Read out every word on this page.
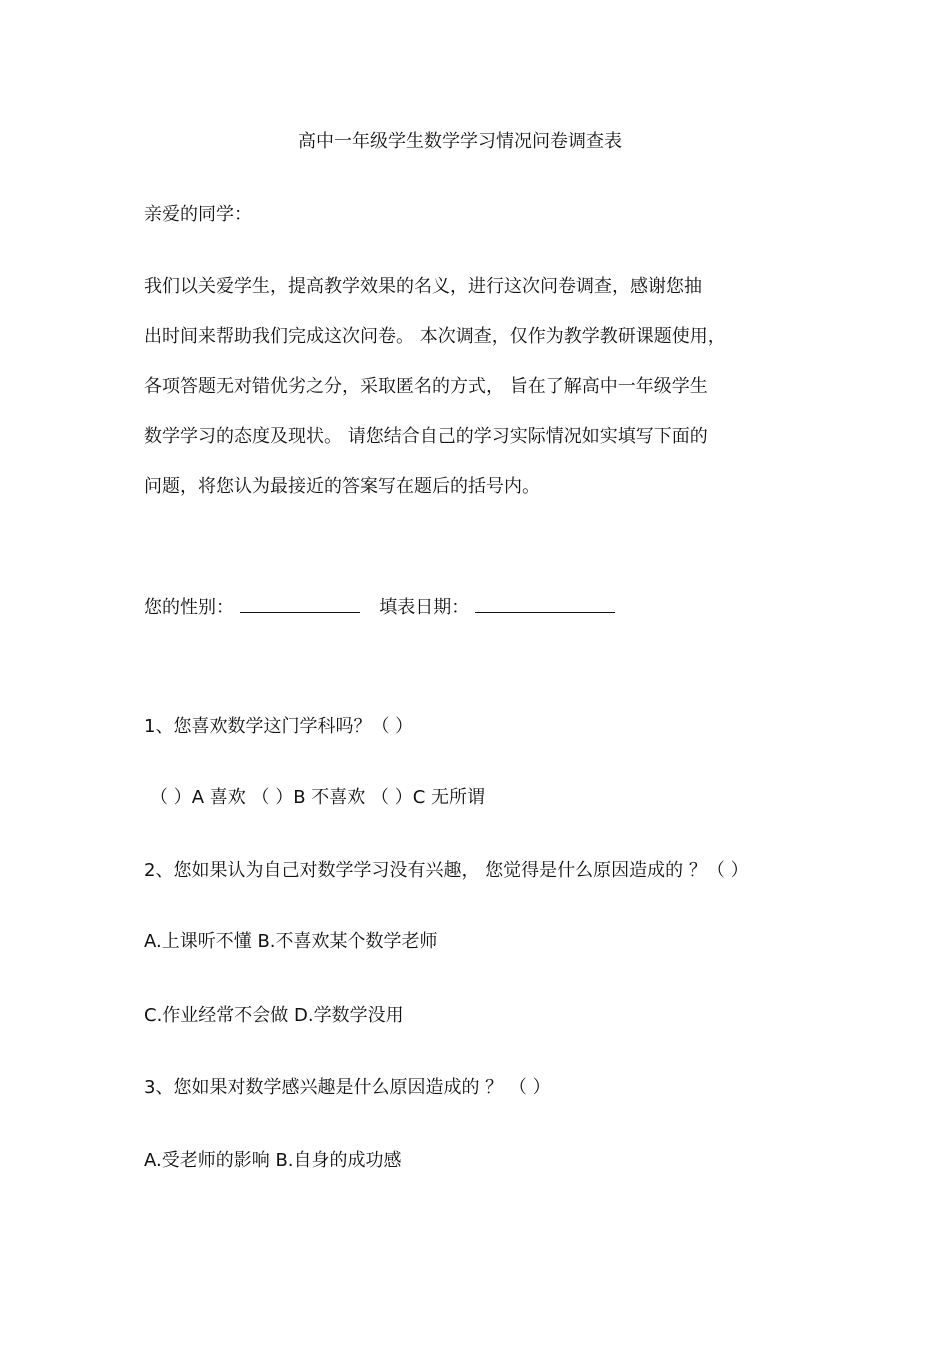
高中一年级学生数学学习情况问卷调查表
亲爱的同学：
我们以关爱学生，提高教学效果的名义，进行这次问卷调查，感谢您抽
出时间来帮助我们完成这次问卷。 本次调查，仅作为教学教研课题使用，
各项答题无对错优劣之分，采取匿名的方式， 旨在了解高中一年级学生
数学学习的态度及现状。 请您结合自己的学习实际情况如实填写下面的
问题，将您认为最接近的答案写在题后的括号内。
您的性别：	填表日期：
1、您喜欢数学这门学科吗？（ ）
（ ）A 喜欢 （ ）B 不喜欢 （ ）C 无所谓
2、您如果认为自己对数学学习没有兴趣， 您觉得是什么原因造成的 ？（ ）
A.上课听不懂 B.不喜欢某个数学老师
C.作业经常不会做 D.学数学没用
3、您如果对数学感兴趣是什么原因造成的 ？ （ ）
A.受老师的影响 B.自身的成功感
